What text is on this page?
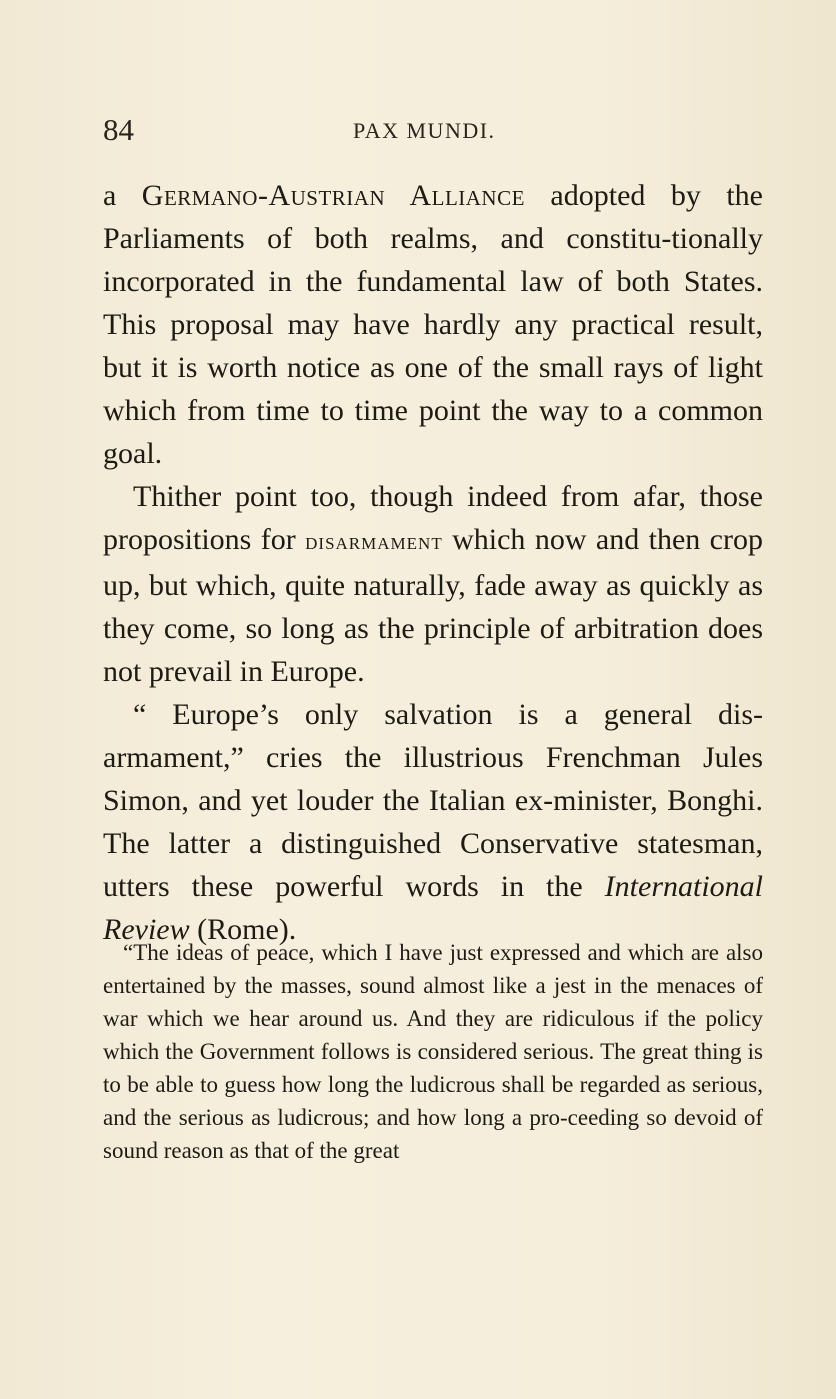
84	PAX MUNDI.

a Germano-Austrian Alliance adopted by the Parliaments of both realms, and constitu-tionally incorporated in the fundamental law of both States. This proposal may have hardly any practical result, but it is worth notice as one of the small rays of light which from time to time point the way to a common goal.

Thither point too, though indeed from afar, those propositions for disarmament which now and then crop up, but which, quite naturally, fade away as quickly as they come, so long as the principle of arbitration does not prevail in Europe.

“ Europe’s only salvation is a general dis-armament,” cries the illustrious Frenchman Jules Simon, and yet louder the Italian ex-minister, Bonghi. The latter a distinguished Conservative statesman, utters these powerful words in the International Review (Rome).

“The ideas of peace, which I have just expressed and which are also entertained by the masses, sound almost like a jest in the menaces of war which we hear around us. And they are ridiculous if the policy which the Government follows is considered serious. The great thing is to be able to guess how long the ludicrous shall be regarded as serious, and the serious as ludicrous; and how long a pro-ceeding so devoid of sound reason as that of the great
